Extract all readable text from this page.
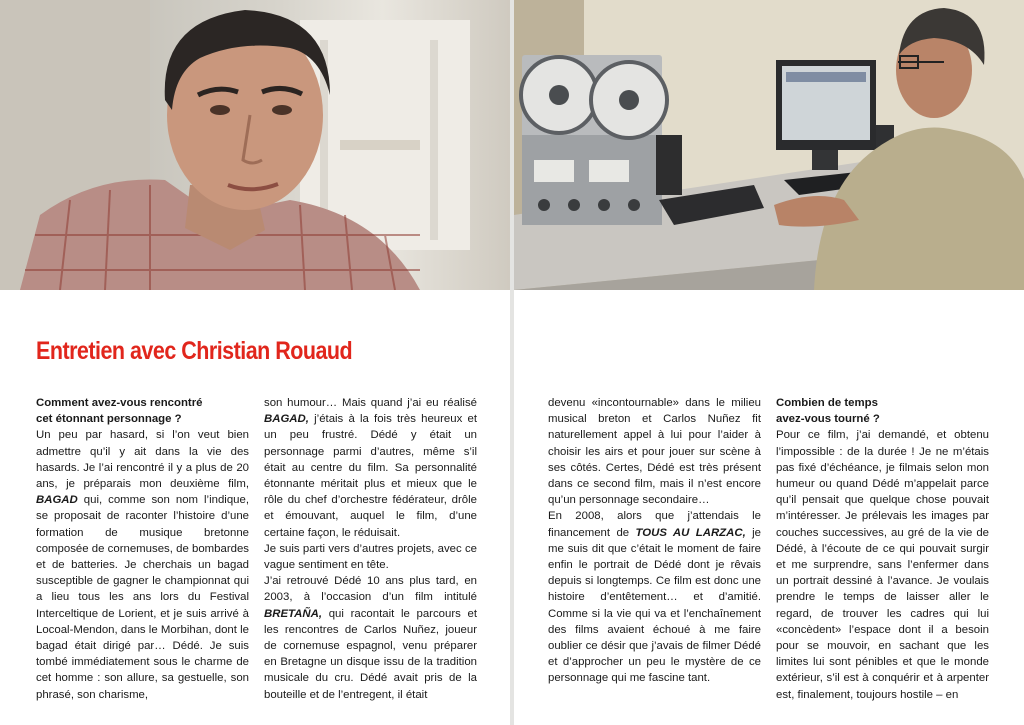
Entretien avec Christian Rouaud
Comment avez-vous rencontré
cet étonnant personnage ?

Un peu par hasard, si l’on veut bien admettre qu’il y ait dans la vie des hasards. Je l’ai rencontré il y a plus de 20 ans, je préparais mon deuxième film, BAGAD qui, comme son nom l’indique, se proposait de raconter l’histoire d’une formation de musique bretonne composée de cornemuses, de bombardes et de batteries. Je cherchais un bagad susceptible de gagner le championnat qui a lieu tous les ans lors du Festival Interceltique de Lorient, et je suis arrivé à Locoal-Mendon, dans le Morbihan, dont le bagad était dirigé par… Dédé. Je suis tombé immédiatement sous le charme de cet homme : son allure, sa gestuelle, son phrasé, son charisme,

son humour… Mais quand j’ai eu réalisé BAGAD, j’étais à la fois très heureux et un peu frustré. Dédé y était un personnage parmi d’autres, même s’il était au centre du film. Sa personnalité étonnante méritait plus et mieux que le rôle du chef d’orchestre fédérateur, drôle et émouvant, auquel le film, d’une certaine façon, le réduisait.

Je suis parti vers d’autres projets, avec ce vague sentiment en tête.

J’ai retrouvé Dédé 10 ans plus tard, en 2003, à l’occasion d’un film intitulé BRETAÑA, qui racontait le parcours et les rencontres de Carlos Nuñez, joueur de cornemuse espagnol, venu préparer en Bretagne un disque issu de la tradition musicale du cru. Dédé avait pris de la bouteille et de l’entregent, il était

devenu «incontournable» dans le milieu musical breton et Carlos Nuñez fit naturellement appel à lui pour l’aider à choisir les airs et pour jouer sur scène à ses côtés. Certes, Dédé est très présent dans ce second film, mais il n’est encore qu’un personnage secondaire…

En 2008, alors que j’attendais le financement de TOUS AU LARZAC, je me suis dit que c’était le moment de faire enfin le portrait de Dédé dont je rêvais depuis si longtemps. Ce film est donc une histoire d’entêtement… et d’amitié. Comme si la vie qui va et l’enchaînement des films avaient échoué à me faire oublier ce désir que j’avais de filmer Dédé et d’approcher un peu le mystère de ce personnage qui me fascine tant.

Combien de temps
avez-vous tourné ?

Pour ce film, j’ai demandé, et obtenu l’impossible : de la durée ! Je ne m’étais pas fixé d’échéance, je filmais selon mon humeur ou quand Dédé m’appelait parce qu’il pensait que quelque chose pouvait m’intéresser. Je prélevais les images par couches successives, au gré de la vie de Dédé, à l’écoute de ce qui pouvait surgir et me surprendre, sans l’enfermer dans un portrait dessiné à l’avance. Je voulais prendre le temps de laisser aller le regard, de trouver les cadres qui lui «concèdent» l’espace dont il a besoin pour se mouvoir, en sachant que les limites lui sont pénibles et que le monde extérieur, s’il est à conquérir et à arpenter est, finalement, toujours hostile – en
